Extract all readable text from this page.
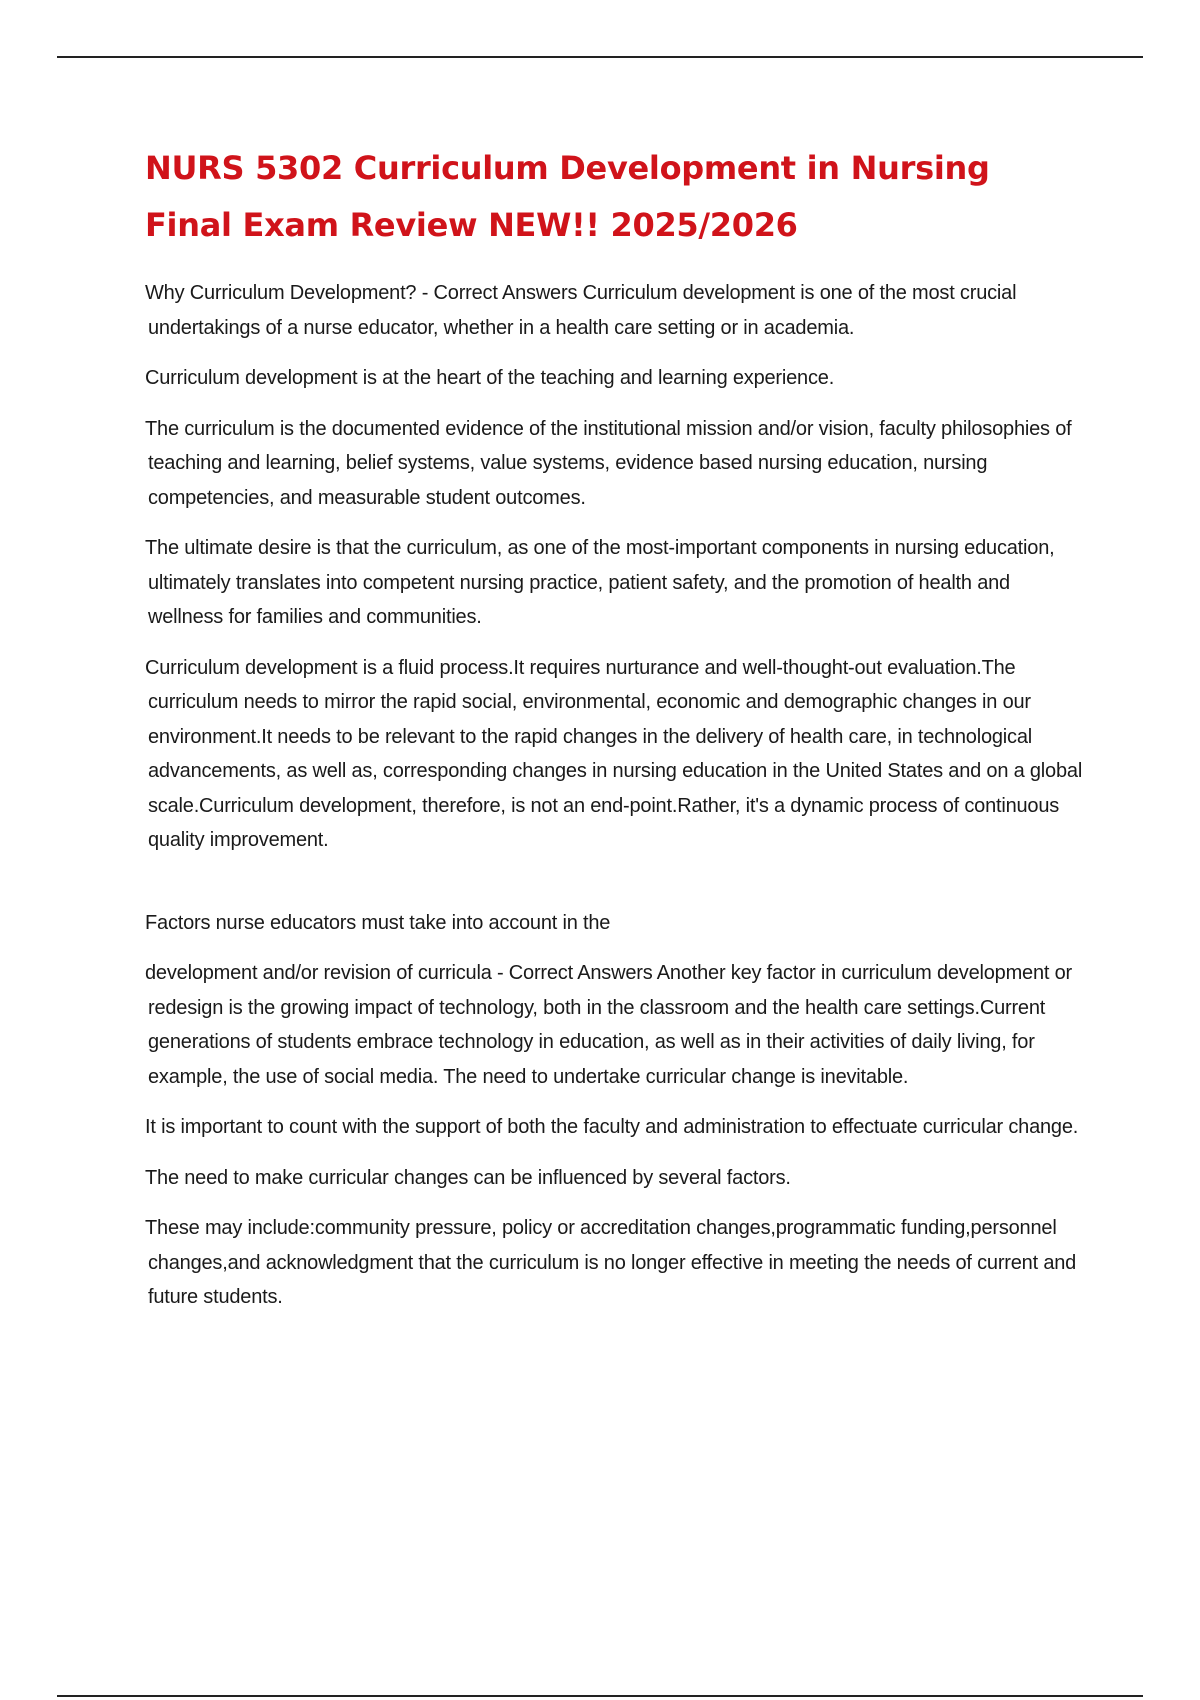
NURS 5302 Curriculum Development in Nursing Final Exam Review NEW!! 2025/2026

Why Curriculum Development? - Correct Answers Curriculum development is one of the most crucial undertakings of a nurse educator, whether in a health care setting or in academia.

Curriculum development is at the heart of the teaching and learning experience.

The curriculum is the documented evidence of the institutional mission and/or vision, faculty philosophies of teaching and learning, belief systems, value systems, evidence based nursing education, nursing competencies, and measurable student outcomes.

The ultimate desire is that the curriculum, as one of the most-important components in nursing education, ultimately translates into competent nursing practice, patient safety, and the promotion of health and wellness for families and communities.

Curriculum development is a fluid process.It requires nurturance and well-thought-out evaluation.The curriculum needs to mirror the rapid social, environmental, economic and demographic changes in our environment.It needs to be relevant to the rapid changes in the delivery of health care, in technological advancements, as well as, corresponding changes in nursing education in the United States and on a global scale.Curriculum development, therefore, is not an end-point.Rather, it's a dynamic process of continuous quality improvement.

Factors nurse educators must take into account in the

development and/or revision of curricula - Correct Answers Another key factor in curriculum development or redesign is the growing impact of technology, both in the classroom and the health care settings.Current generations of students embrace technology in education, as well as in their activities of daily living, for example, the use of social media. The need to undertake curricular change is inevitable.

It is important to count with the support of both the faculty and administration to effectuate curricular change.

The need to make curricular changes can be influenced by several factors.

These may include:community pressure, policy or accreditation changes,programmatic funding,personnel changes,and acknowledgment that the curriculum is no longer effective in meeting the needs of current and future students.
